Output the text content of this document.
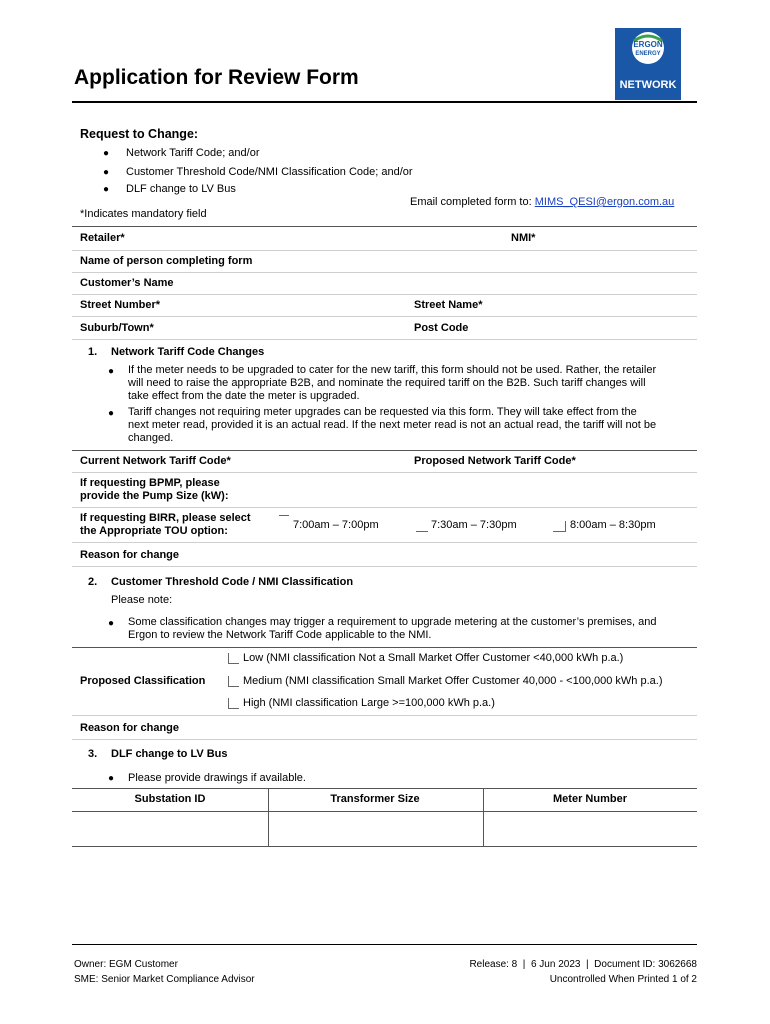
Application for Review Form
ERGON
ENERGY
NETWORK
Request to Change:
● Network Tariff Code; and/or
● Customer Threshold Code/NMI Classification Code; and/or
● DLF change to LV Bus
Email completed form to: MIMS_QESI@ergon.com.au
*Indicates mandatory field
Retailer*	NMI*
Name of person completing form
Customer’s Name
Street Number*	Street Name*
Suburb/Town*	Post Code
1. Network Tariff Code Changes
● If the meter needs to be upgraded to cater for the new tariff, this form should not be used. Rather, the retailer
will need to raise the appropriate B2B, and nominate the required tariff on the B2B. Such tariff changes will
take effect from the date the meter is upgraded.
● Tariff changes not requiring meter upgrades can be requested via this form. They will take effect from the
next meter read, provided it is an actual read. If the next meter read is not an actual read, the tariff will not be
changed.
Current Network Tariff Code*	Proposed Network Tariff Code*
If requesting BPMP, please
provide the Pump Size (kW):
If requesting BIRR, please select
the Appropriate TOU option:	7:00am – 7:00pm	7:30am – 7:30pm	8:00am – 8:30pm
Reason for change
2. Customer Threshold Code / NMI Classification
Please note:
● Some classification changes may trigger a requirement to upgrade metering at the customer’s premises, and
Ergon to review the Network Tariff Code applicable to the NMI.
Low (NMI classification Not a Small Market Offer Customer <40,000 kWh p.a.)
Proposed Classification	Medium (NMI classification Small Market Offer Customer 40,000 - <100,000 kWh p.a.)
High (NMI classification Large >=100,000 kWh p.a.)
Reason for change
3. DLF change to LV Bus
● Please provide drawings if available.
Substation ID	Transformer Size	Meter Number
Owner: EGM Customer
SME: Senior Market Compliance Advisor
Release: 8  |  6 Jun 2023  |  Document ID: 3062668
Uncontrolled When Printed 1 of 2
